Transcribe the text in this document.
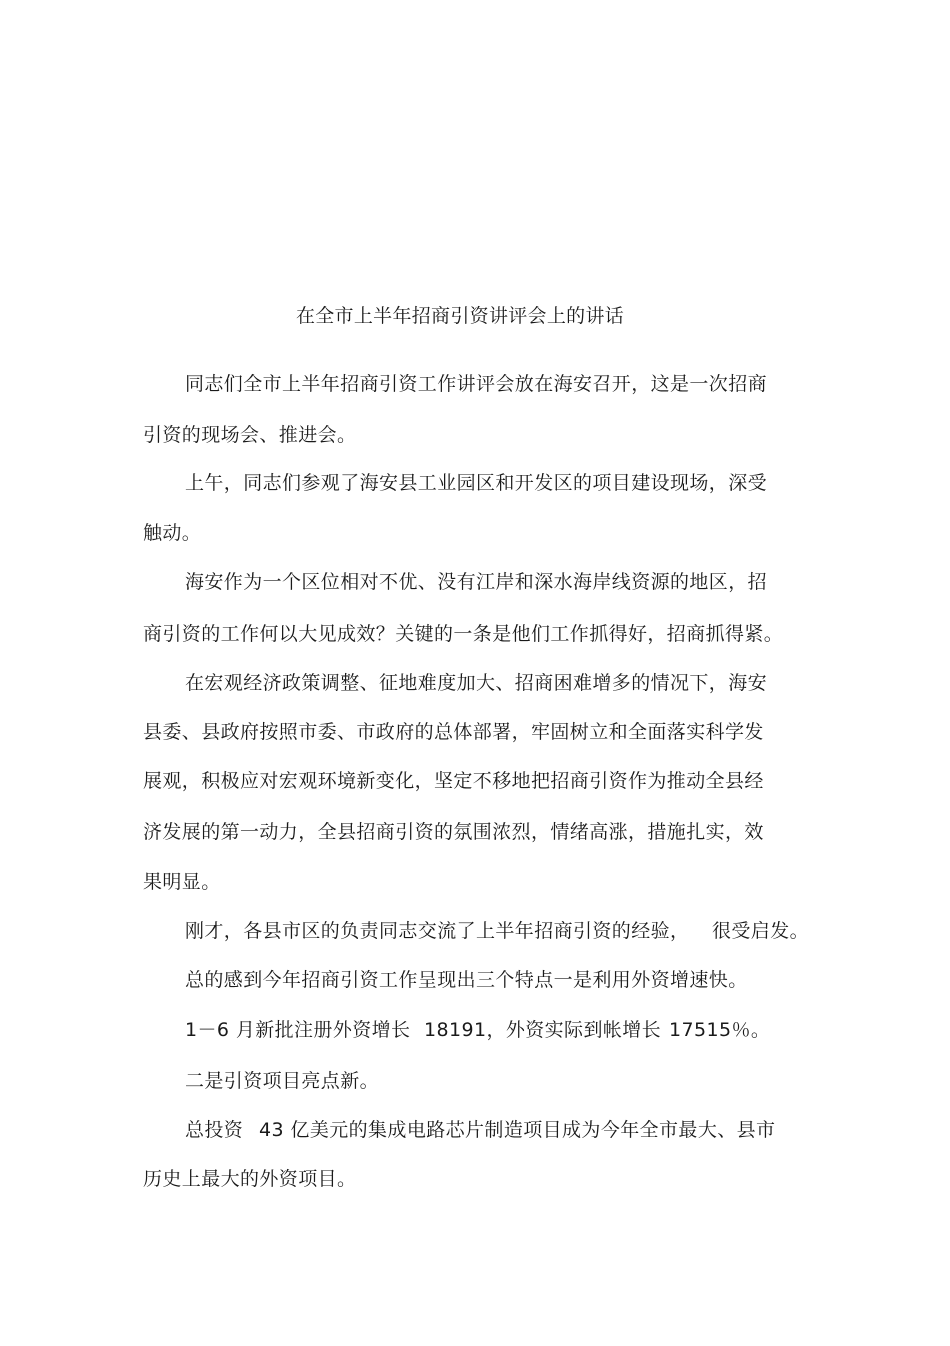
在全市上半年招商引资讲评会上的讲话
同志们全市上半年招商引资工作讲评会放在海安召开，这是一次招商
引资的现场会、推进会。
上午，同志们参观了海安县工业园区和开发区的项目建设现场，深受
触动。
海安作为一个区位相对不优、没有江岸和深水海岸线资源的地区，招
商引资的工作何以大见成效？关键的一条是他们工作抓得好，招商抓得紧。
在宏观经济政策调整、征地难度加大、招商困难增多的情况下，海安
县委、县政府按照市委、市政府的总体部署，牢固树立和全面落实科学发
展观，积极应对宏观环境新变化，坚定不移地把招商引资作为推动全县经
济发展的第一动力，全县招商引资的氛围浓烈，情绪高涨，措施扎实，效
果明显。
刚才，各县市区的负责同志交流了上半年招商引资的经验， 很受启发。
总的感到今年招商引资工作呈现出三个特点一是利用外资增速快。
1－6 月新批注册外资增长 18191，外资实际到帐增长 17515％。
二是引资项目亮点新。
总投资 43 亿美元的集成电路芯片制造项目成为今年全市最大、县市
历史上最大的外资项目。
